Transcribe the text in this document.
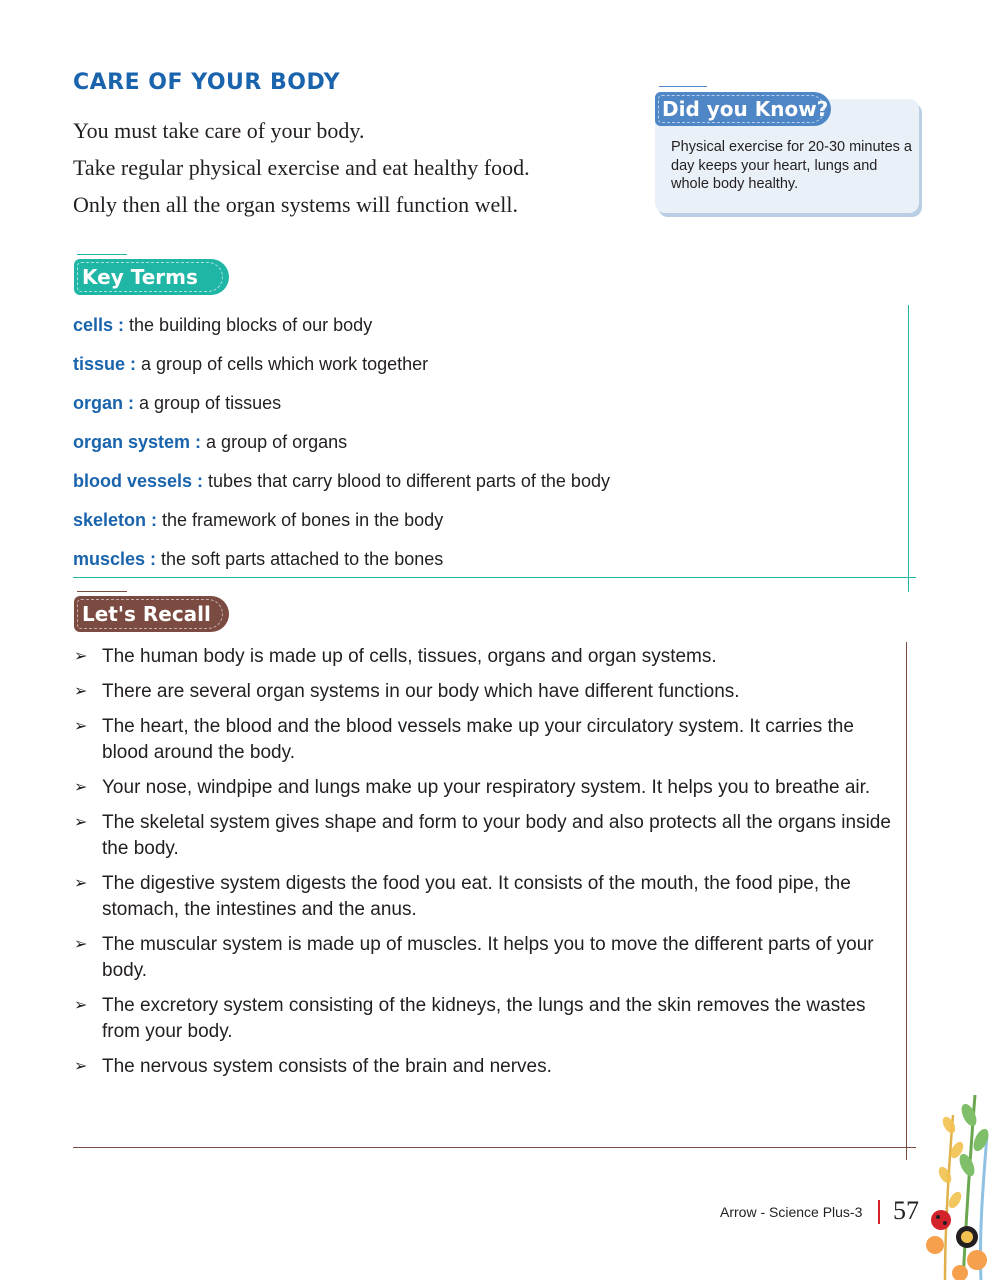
CARE OF YOUR BODY

You must take care of your body.

Take regular physical exercise and eat healthy food.

Only then all the organ systems will function well.

Did you Know?

Physical exercise for 20-30 minutes a day keeps your heart, lungs and whole body healthy.

Key Terms
cells : the building blocks of our body
tissue : a group of cells which work together
organ : a group of tissues
organ system : a group of organs
blood vessels : tubes that carry blood to different parts of the body
skeleton : the framework of bones in the body
muscles : the soft parts attached to the bones
Let's Recall
➢ The human body is made up of cells, tissues, organs and organ systems.
➢ There are several organ systems in our body which have different functions.
➢ The heart, the blood and the blood vessels make up your circulatory system. It carries the blood around the body.
➢ Your nose, windpipe and lungs make up your respiratory system. It helps you to breathe air.
➢ The skeletal system gives shape and form to your body and also protects all the organs inside the body.
➢ The digestive system digests the food you eat. It consists of the mouth, the food pipe, the stomach, the intestines and the anus.
➢ The muscular system is made up of muscles. It helps you to move the different parts of your body.
➢ The excretory system consisting of the kidneys, the lungs and the skin removes the wastes from your body.
➢ The nervous system consists of the brain and nerves.
Arrow - Science Plus-3 57
